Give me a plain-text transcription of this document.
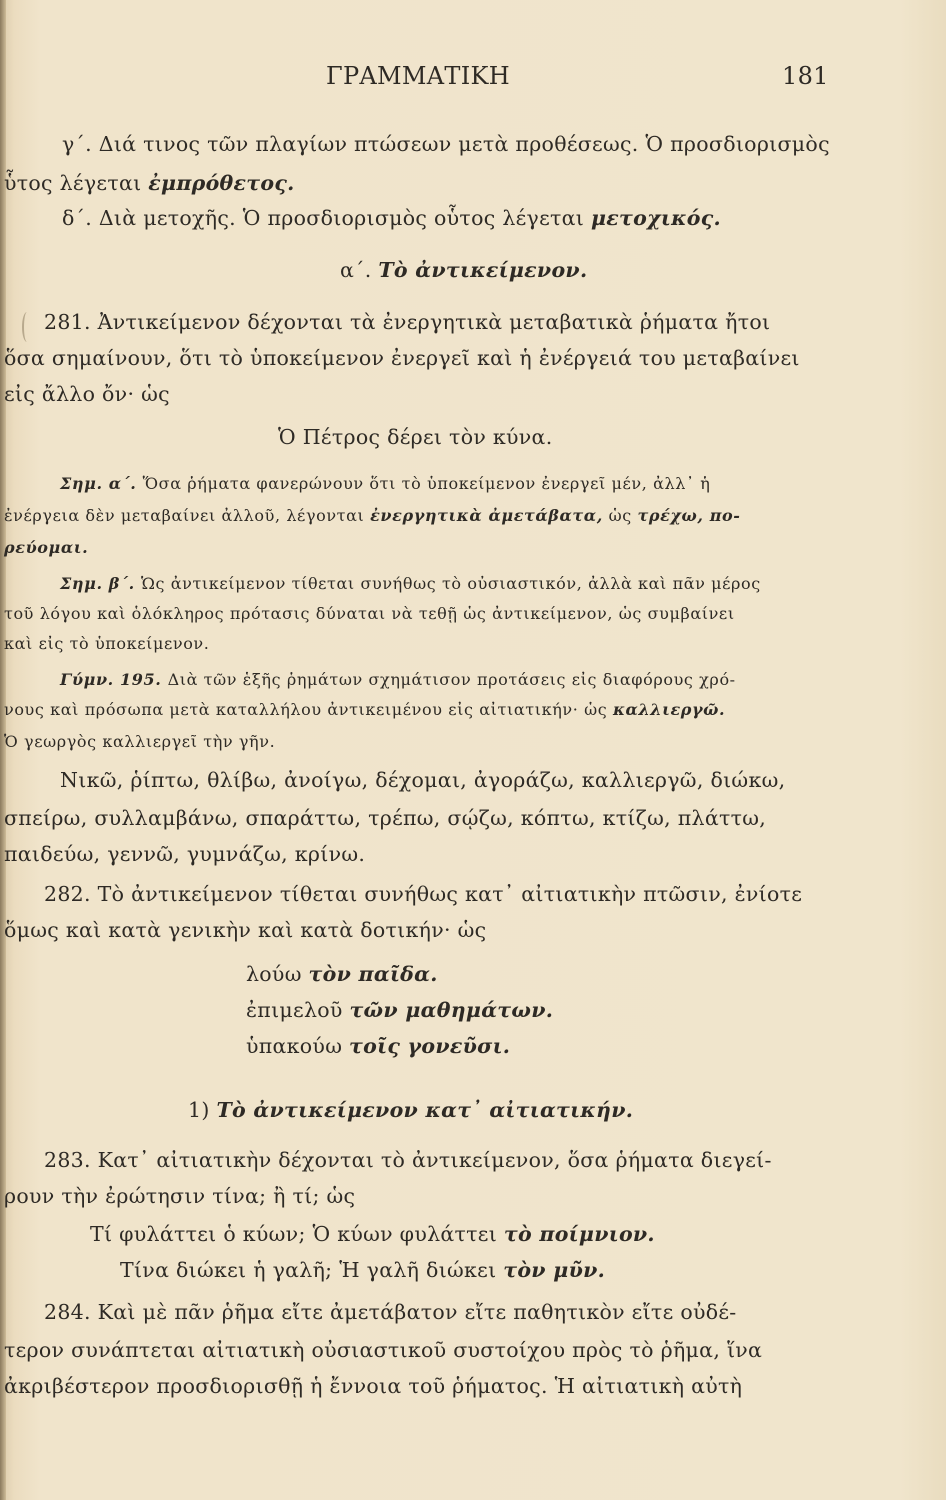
ΓΡΑΜΜΑΤΙΚΗ	181
γ΄. Διά τινος τῶν πλαγίων πτώσεων μετὰ προθέσεως. Ὁ προσδιορισμὸς
ὗτος λέγεται ἐμπρόθετος.
δ΄. Διὰ μετοχῆς. Ὁ προσδιορισμὸς οὗτος λέγεται μετοχικός.
α΄. Τὸ ἀντικείμενον.
281. Ἀντικείμενον δέχονται τὰ ἐνεργητικὰ μεταβατικὰ ῥήματα ἤτοι
ὅσα σημαίνουν, ὅτι τὸ ὑποκείμενον ἐνεργεῖ καὶ ἡ ἐνέργειά του μεταβαίνει
εἰς ἄλλο ὄν· ὡς
Ὁ Πέτρος δέρει τὸν κύνα.
Σημ. α΄. Ὅσα ῥήματα φανερώνουν ὅτι τὸ ὑποκείμενον ἐνεργεῖ μέν, ἀλλ᾽ ἡ
ἐνέργεια δὲν μεταβαίνει ἀλλοῦ, λέγονται ἐνεργητικὰ ἀμετάβατα, ὡς τρέχω, πο-
ρεύομαι.
Σημ. β΄. Ὡς ἀντικείμενον τίθεται συνήθως τὸ οὐσιαστικόν, ἀλλὰ καὶ πᾶν μέρος
τοῦ λόγου καὶ ὁλόκληρος πρότασις δύναται νὰ τεθῇ ὡς ἀντικείμενον, ὡς συμβαίνει
καὶ εἰς τὸ ὑποκείμενον.
Γύμν. 195. Διὰ τῶν ἑξῆς ῥημάτων σχημάτισον προτάσεις εἰς διαφόρους χρό-
νους καὶ πρόσωπα μετὰ καταλλήλου ἀντικειμένου εἰς αἰτιατικήν· ὡς καλλιεργῶ.
Ὁ γεωργὸς καλλιεργεῖ τὴν γῆν.
Νικῶ, ῥίπτω, θλίβω, ἀνοίγω, δέχομαι, ἀγοράζω, καλλιεργῶ, διώκω,
σπείρω, συλλαμβάνω, σπαράττω, τρέπω, σῴζω, κόπτω, κτίζω, πλάττω,
παιδεύω, γεννῶ, γυμνάζω, κρίνω.
282. Τὸ ἀντικείμενον τίθεται συνήθως κατ᾽ αἰτιατικὴν πτῶσιν, ἐνίοτε
ὅμως καὶ κατὰ γενικὴν καὶ κατὰ δοτικήν· ὡς
λούω τὸν παῖδα.
ἐπιμελοῦ τῶν μαθημάτων.
ὑπακούω τοῖς γονεῦσι.
1) Τὸ ἀντικείμενον κατ᾽ αἰτιατικήν.
283. Κατ᾽ αἰτιατικὴν δέχονται τὸ ἀντικείμενον, ὅσα ῥήματα διεγεί-
ρουν τὴν ἐρώτησιν τίνα; ἢ τί; ὡς
Τί φυλάττει ὁ κύων; Ὁ κύων φυλάττει τὸ ποίμνιον.
Τίνα διώκει ἡ γαλῆ; Ἡ γαλῆ διώκει τὸν μῦν.
284. Καὶ μὲ πᾶν ῥῆμα εἴτε ἀμετάβατον εἴτε παθητικὸν εἴτε οὐδέ-
τερον συνάπτεται αἰτιατικὴ οὐσιαστικοῦ συστοίχου πρὸς τὸ ῥῆμα, ἵνα
ἀκριβέστερον προσδιορισθῇ ἡ ἔννοια τοῦ ῥήματος. Ἡ αἰτιατικὴ αὐτὴ
